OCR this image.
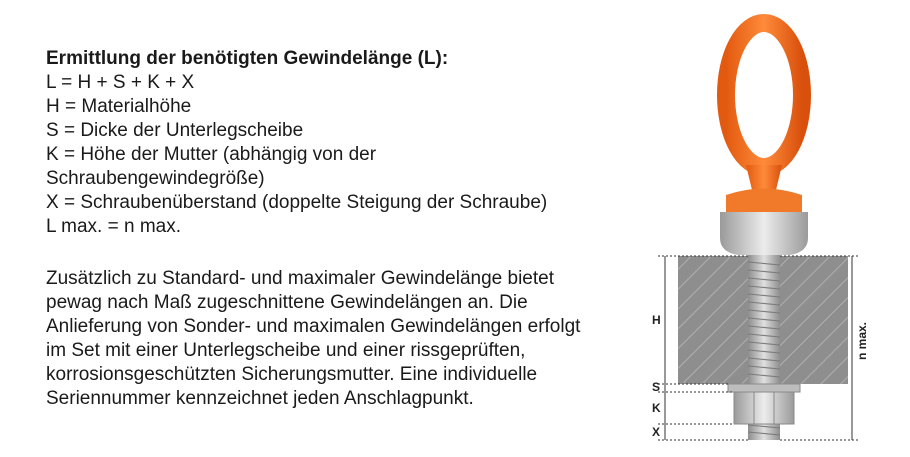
Ermittlung der benötigten Gewindelänge (L):
L = H + S + K + X
H = Materialhöhe
S = Dicke der Unterlegscheibe
K = Höhe der Mutter (abhängig von der
Schraubengewindegröße)
X = Schraubenüberstand (doppelte Steigung der Schraube)
L max. = n max.
Zusätzlich zu Standard- und maximaler Gewindelänge bietet
pewag nach Maß zugeschnittene Gewindelängen an. Die
Anlieferung von Sonder- und maximalen Gewindelängen erfolgt
im Set mit einer Unterlegscheibe und einer rissgeprüften,
korrosionsgeschützten Sicherungsmutter. Eine individuelle
Seriennummer kennzeichnet jeden Anschlagpunkt.
H
S
K
X
n max.
